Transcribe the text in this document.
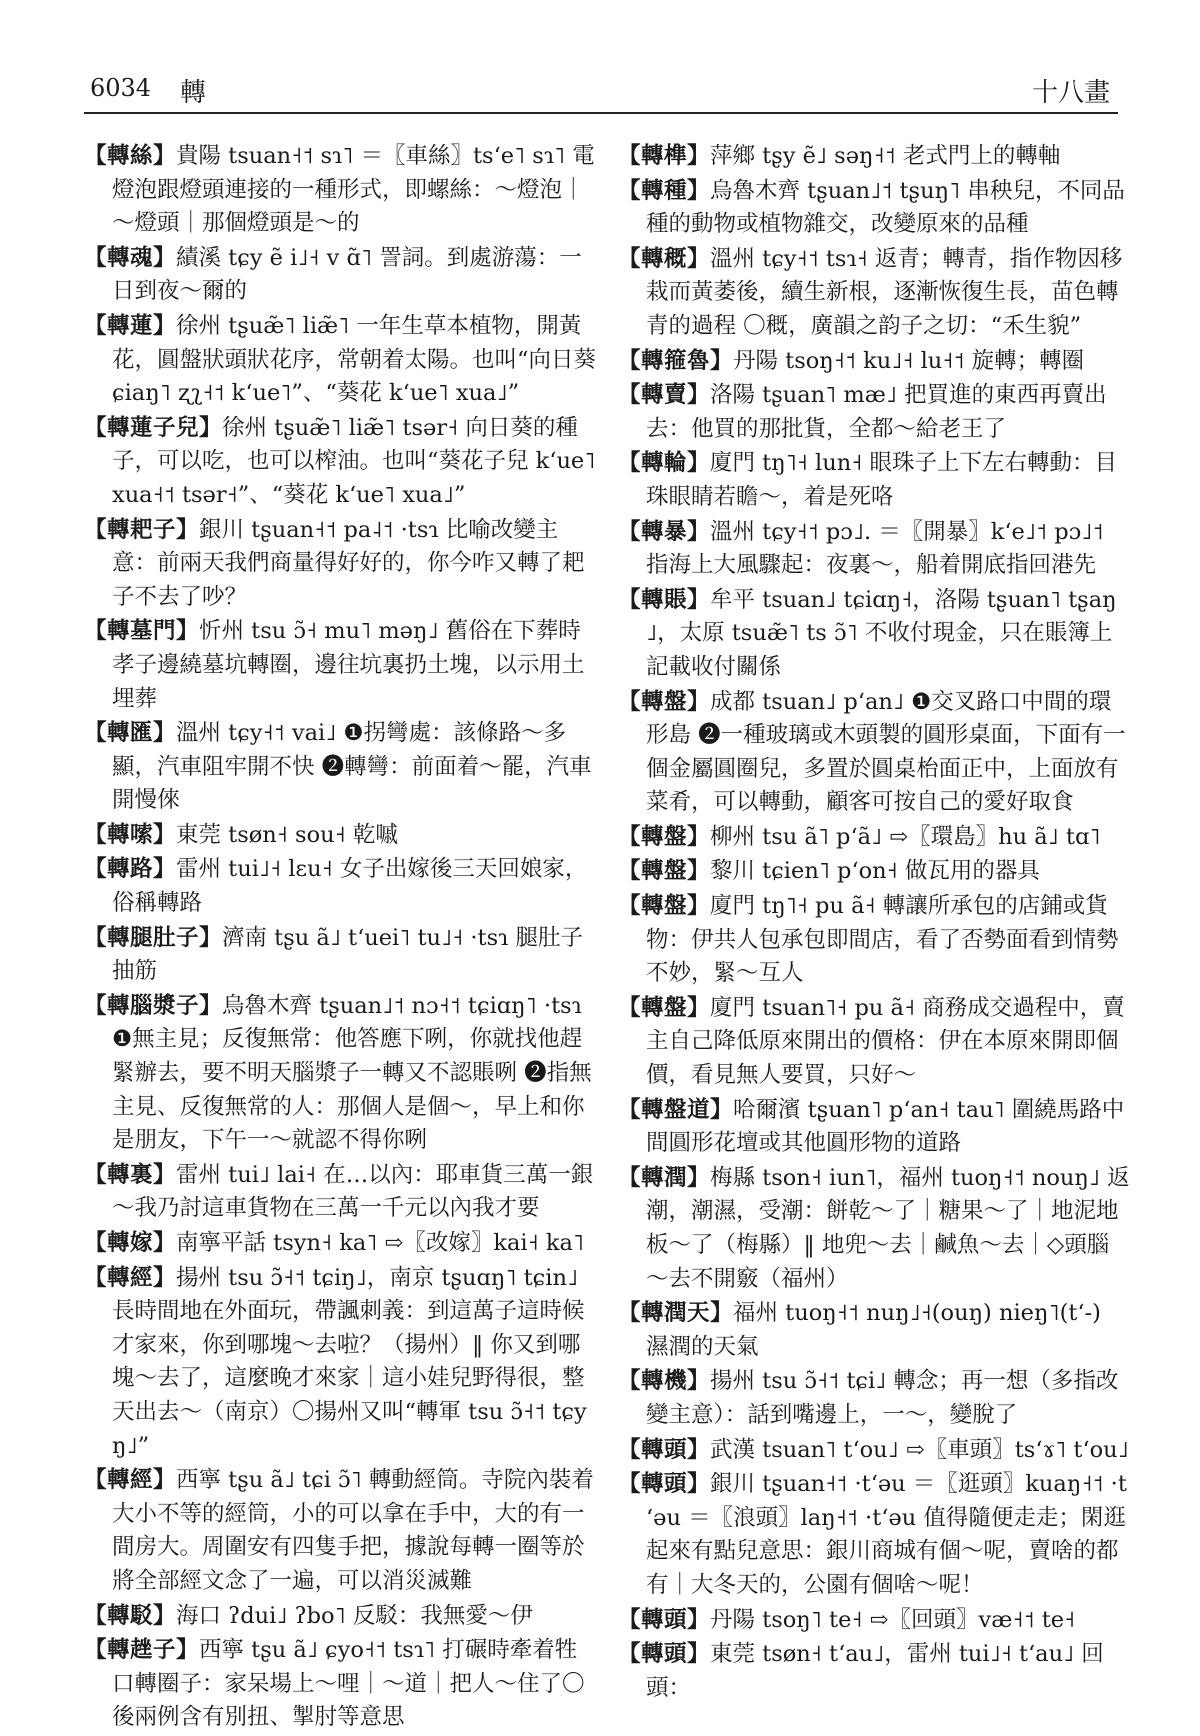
6034 轉	十八畫

【轉絲】貴陽 tsuan˧˦ sɿ˥ ＝〖車絲〗tsʻe˥ sɿ˥ 電燈泡跟燈頭連接的一種形式，即螺絲：～燈泡｜～燈頭｜那個燈頭是～的

【轉魂】績溪 tɕy ẽ i˩˧ v ɑ̃˥ 詈詞。到處游蕩：一日到夜～爾的

【轉蓮】徐州 tʂuæ̃˥ liæ̃˥ 一年生草本植物，開黃花，圓盤狀頭狀花序，常朝着太陽。也叫“向日葵 ɕiaŋ˥ ʐʅ˧˦ kʻue˥”、“葵花 kʻue˥ xua˩”

【轉蓮子兒】徐州 tʂuæ̃˥ liæ̃˥ tsər˧ 向日葵的種子，可以吃，也可以榨油。也叫“葵花子兒 kʻue˥ xua˧˦ tsər˧”、“葵花 kʻue˥ xua˩”

【轉耙子】銀川 tʂuan˧˦ pa˨˦ ·tsɿ 比喻改變主意：前兩天我們商量得好好的，你今咋又轉了耙子不去了吵？

【轉墓門】忻州 tsu ɔ̃˧ mu˥ məŋ˩ 舊俗在下葬時孝子邊繞墓坑轉圈，邊往坑裏扔土塊，以示用土埋葬

【轉匯】溫州 tɕy˧˦ vai˩ ❶拐彎處：該條路～多顯，汽車阻牢開不快 ❷轉彎：前面着～罷，汽車開慢倈

【轉嗦】東莞 tsøn˧ sou˧ 乾嘁

【轉路】雷州 tui˩˧ lɛu˧ 女子出嫁後三天回娘家，俗稱轉路

【轉腿肚子】濟南 tʂu ã˩ tʻuei˥ tu˩˧ ·tsɿ 腿肚子抽筋

【轉腦漿子】烏魯木齊 tʂuan˩˦ nɔ˧˦ tɕiɑŋ˥ ·tsɿ ❶無主見；反復無常：他答應下咧，你就找他趕緊辦去，要不明天腦漿子一轉又不認賬咧 ❷指無主見、反復無常的人：那個人是個～，早上和你是朋友，下午一～就認不得你咧

【轉裏】雷州 tui˩ lai˧ 在…以內：耶車貨三萬一銀～我乃討這車貨物在三萬一千元以內我才要

【轉嫁】南寧平話 tsyn˧ ka˥ ⇨〖改嫁〗kai˧ ka˥

【轉經】揚州 tsu ɔ̃˧˦ tɕiŋ˩，南京 tʂuɑŋ˥ tɕin˩ 長時間地在外面玩，帶諷刺義：到這萬子這時候才家來，你到哪塊～去啦？（揚州）‖ 你又到哪塊～去了，這麼晚才來家｜這小娃兒野得很，整天出去～（南京）〇揚州又叫“轉軍 tsu ɔ̃˧˦ tɕyŋ˩”

【轉經】西寧 tʂu ã˩ tɕi ɔ̃˥ 轉動經筒。寺院內裝着大小不等的經筒，小的可以拿在手中，大的有一間房大。周圍安有四隻手把，據說每轉一圈等於將全部經文念了一遍，可以消災滅難

【轉駁】海口 ʔdui˩ ʔbo˥ 反駁：我無愛～伊

【轉趖子】西寧 tʂu ã˩ ɕyo˧˦ tsɿ˥ 打碾時牽着牲口轉圈子：家呆場上～哩｜～道｜把人～住了〇後兩例含有別扭、掣肘等意思

【轉榫】萍鄉 tʂy ẽ˩ səŋ˧˦ 老式門上的轉軸

【轉種】烏魯木齊 tʂuan˩˦ tʂuŋ˥ 串秧兒，不同品種的動物或植物雜交，改變原來的品種

【轉穊】溫州 tɕy˧˦ tsɿ˧ 返青；轉青，指作物因移栽而黃萎後，續生新根，逐漸恢復生長，苗色轉青的過程 〇穊，廣韻之韵子之切：“禾生貌”

【轉箍魯】丹陽 tsoŋ˧˦ ku˩˧ lu˧˦ 旋轉；轉圈

【轉賣】洛陽 tʂuan˥ mæ˩ 把買進的東西再賣出去：他買的那批貨，全都～給老王了

【轉輪】廈門 tŋ˥˧ lun˧ 眼珠子上下左右轉動：目珠眼睛若瞻～，着是死咯

【轉暴】溫州 tɕy˧˦ pɔ˩. ＝〖開暴〗kʻe˩˦ pɔ˩˦ 指海上大風驟起：夜裏～，船着開底指回港先

【轉賬】牟平 tsuan˩ tɕiɑŋ˧，洛陽 tʂuan˥ tʂaŋ˩，太原 tsuæ̃˥ ts ɔ̃˥ 不收付現金，只在賬簿上記載收付關係

【轉盤】成都 tsuan˩ pʻan˩ ❶交叉路口中間的環形島 ❷一種玻璃或木頭製的圓形桌面，下面有一個金屬圓圈兒，多置於圓桌枱面正中，上面放有菜肴，可以轉動，顧客可按自己的愛好取食

【轉盤】柳州 tsu ã˥ pʻã˩ ⇨〖環島〗hu ã˩ tɑ˥

【轉盤】黎川 tɕien˥ pʻon˧ 做瓦用的器具

【轉盤】廈門 tŋ˥˧ pu ã˧ 轉讓所承包的店鋪或貨物：伊共人包承包即間店，看了否勢面看到情勢不妙，緊～互人

【轉盤】廈門 tsuan˥˧ pu ã˧ 商務成交過程中，賣主自己降低原來開出的價格：伊在本原來開即個價，看見無人要買，只好～

【轉盤道】哈爾濱 tʂuan˥ pʻan˧ tau˥ 圍繞馬路中間圓形花壇或其他圓形物的道路

【轉潤】梅縣 tson˧ iun˥，福州 tuoŋ˧˦ nouŋ˩ 返潮，潮濕，受潮：餅乾～了｜糖果～了｜地泥地板～了（梅縣）‖ 地兜～去｜鹹魚～去｜◇頭腦～去不開竅（福州）

【轉潤天】福州 tuoŋ˧˦ nuŋ˩˧(ouŋ) nieŋ˥(tʻ-) 濕潤的天氣

【轉機】揚州 tsu ɔ̃˧˦ tɕi˩ 轉念；再一想（多指改變主意）：話到嘴邊上，一～，變脫了

【轉頭】武漢 tsuan˥ tʻou˩ ⇨〖車頭〗tsʻɤ˥ tʻou˩

【轉頭】銀川 tʂuan˧˦ ·tʻəu ＝〖逛頭〗kuaŋ˧˦ ·tʻəu ＝〖浪頭〗laŋ˧˦ ·tʻəu 值得隨便走走；閑逛起來有點兒意思：銀川商城有個～呢，賣啥的都有｜大冬天的，公園有個啥～呢！

【轉頭】丹陽 tsoŋ˥ te˧ ⇨〖回頭〗væ˧˦ te˧

【轉頭】東莞 tsøn˧ tʻau˩，雷州 tui˩˧ tʻau˩ 回頭：
